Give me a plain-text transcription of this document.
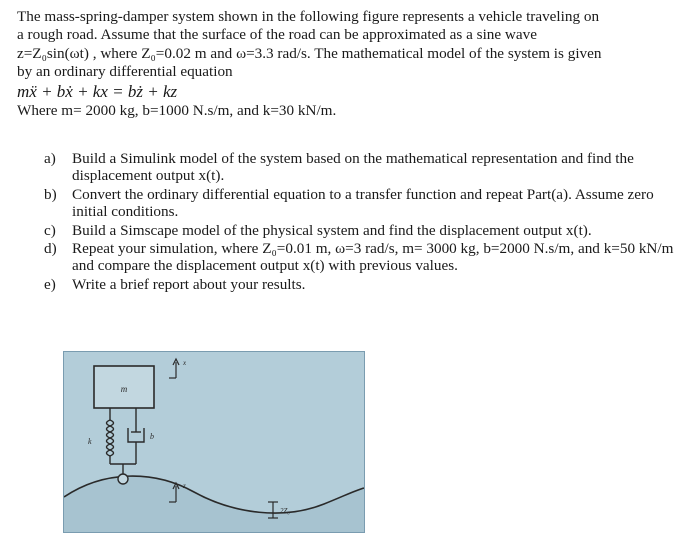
The mass-spring-damper system shown in the following figure represents a vehicle traveling on

a rough road. Assume that the surface of the road can be approximated as a sine wave

z=Z₀sin(ωt) , where Z₀=0.02 m and ω=3.3 rad/s. The mathematical model of the system is given

by an ordinary differential equation

mẍ + bẋ + kx = bż + kz

Where m= 2000 kg, b=1000 N.s/m, and k=30 kN/m.

a)	Build a Simulink model of the system based on the mathematical representation and find the displacement output x(t).
b)	Convert the ordinary differential equation to a transfer function and repeat Part(a). Assume zero initial conditions.
c)	Build a Simscape model of the physical system and find the displacement output x(t).
d)	Repeat your simulation, where Z₀=0.01 m, ω=3 rad/s, m= 3000 kg, b=2000 N.s/m, and k=50 kN/m and compare the displacement output x(t) with previous values.
e)	Write a brief report about your results.
m
k
b
x
z
2Z₀
